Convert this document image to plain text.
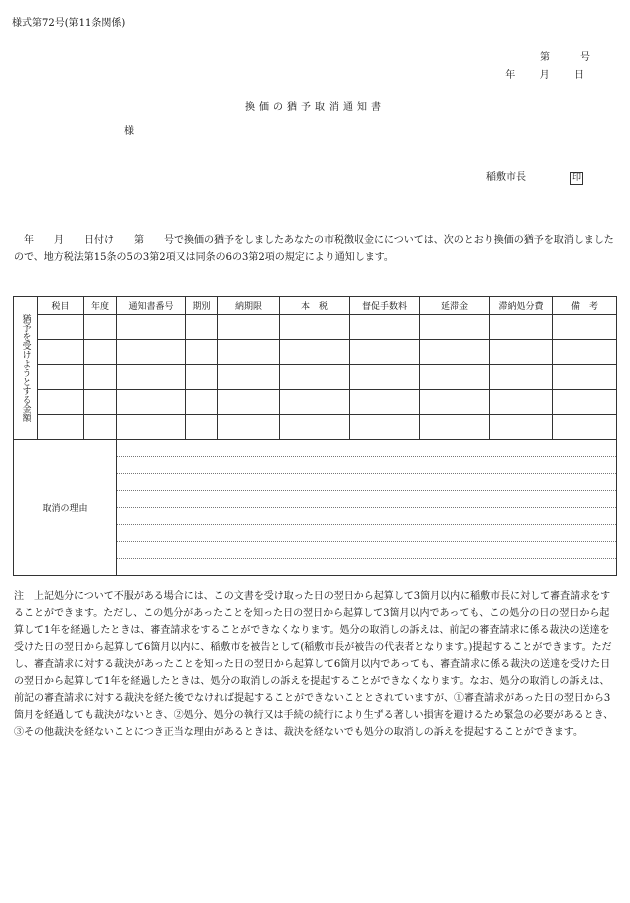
様式第72号(第11条関係)
第	号
年 月 日
換価の猶予取消通知書
様
稲敷市長	印
年　　月　　日付け　　第　　号で換価の猶予をしましたあなたの市税徴収金にについては、次のとおり換価の猶予を取消しましたので、地方税法第15条の5の3第2項又は同条の6の3第2項の規定により通知します。
猶予を受けようとする金額	税目	年度	通知書番号	期別	納期限	本　税	督促手数料	延滞金	滞納処分費	備　考

取消の理由										
注　上記処分について不服がある場合には、この文書を受け取った日の翌日から起算して3箇月以内に稲敷市長に対して審査請求をすることができます。ただし、この処分があったことを知った日の翌日から起算して3箇月以内であっても、この処分の日の翌日から起算して1年を経過したときは、審査請求をすることができなくなります。処分の取消しの訴えは、前記の審査請求に係る裁決の送達を受けた日の翌日から起算して6箇月以内に、稲敷市を被告として(稲敷市長が被告の代表者となります。)提起することができます。ただし、審査請求に対する裁決があったことを知った日の翌日から起算して6箇月以内であっても、審査請求に係る裁決の送達を受けた日の翌日から起算して1年を経過したときは、処分の取消しの訴えを提起することができなくなります。なお、処分の取消しの訴えは、前記の審査請求に対する裁決を経た後でなければ提起することができないこととされていますが、①審査請求があった日の翌日から3箇月を経過しても裁決がないとき、②処分、処分の執行又は手続の続行により生ずる著しい損害を避けるため緊急の必要があるとき、③その他裁決を経ないことにつき正当な理由があるときは、裁決を経ないでも処分の取消しの訴えを提起することができます。
